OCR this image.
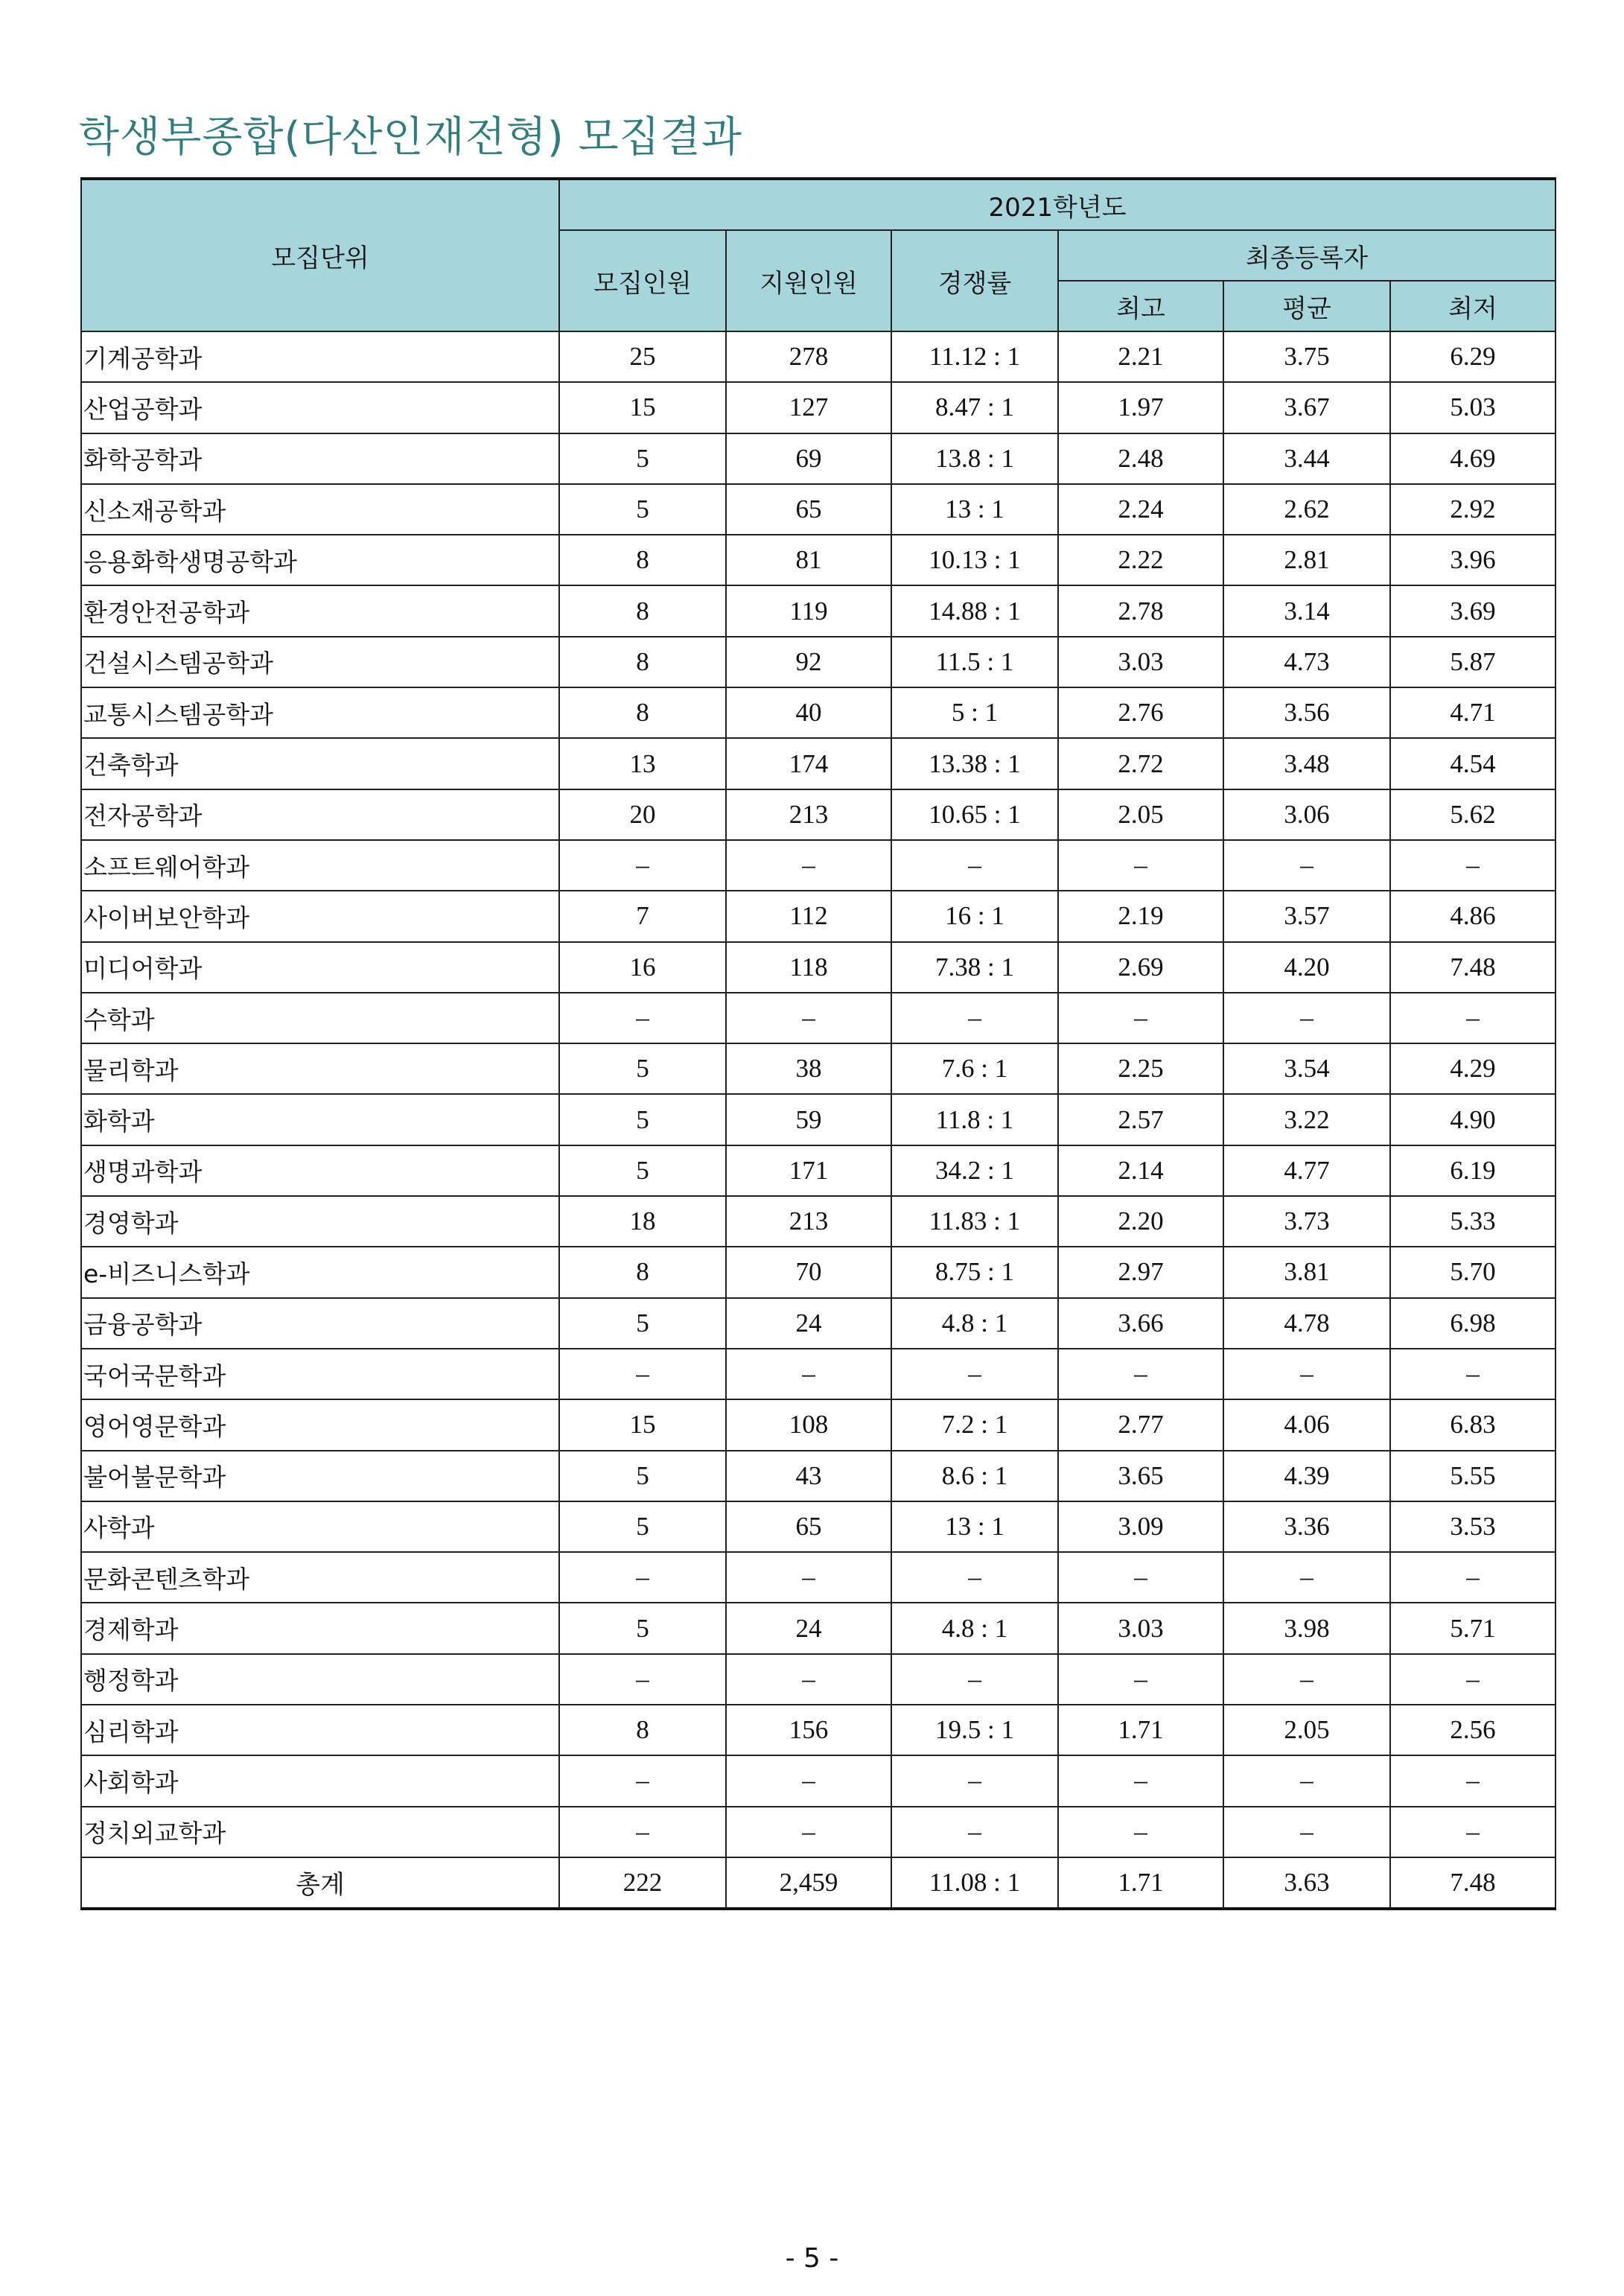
학생부종합(다산인재전형) 모집결과
모집단위	2021학년도					
	모집인원	지원인원	경쟁률	최종등록자		
				최고	평균	최저
기계공학과	25	278	11.12 : 1	2.21	3.75	6.29
산업공학과	15	127	8.47 : 1	1.97	3.67	5.03
화학공학과	5	69	13.8 : 1	2.48	3.44	4.69
신소재공학과	5	65	13 : 1	2.24	2.62	2.92
응용화학생명공학과	8	81	10.13 : 1	2.22	2.81	3.96
환경안전공학과	8	119	14.88 : 1	2.78	3.14	3.69
건설시스템공학과	8	92	11.5 : 1	3.03	4.73	5.87
교통시스템공학과	8	40	5 : 1	2.76	3.56	4.71
건축학과	13	174	13.38 : 1	2.72	3.48	4.54
전자공학과	20	213	10.65 : 1	2.05	3.06	5.62
소프트웨어학과	–	–	–	–	–	–
사이버보안학과	7	112	16 : 1	2.19	3.57	4.86
미디어학과	16	118	7.38 : 1	2.69	4.20	7.48
수학과	–	–	–	–	–	–
물리학과	5	38	7.6 : 1	2.25	3.54	4.29
화학과	5	59	11.8 : 1	2.57	3.22	4.90
생명과학과	5	171	34.2 : 1	2.14	4.77	6.19
경영학과	18	213	11.83 : 1	2.20	3.73	5.33
e-비즈니스학과	8	70	8.75 : 1	2.97	3.81	5.70
금융공학과	5	24	4.8 : 1	3.66	4.78	6.98
국어국문학과	–	–	–	–	–	–
영어영문학과	15	108	7.2 : 1	2.77	4.06	6.83
불어불문학과	5	43	8.6 : 1	3.65	4.39	5.55
사학과	5	65	13 : 1	3.09	3.36	3.53
문화콘텐츠학과	–	–	–	–	–	–
경제학과	5	24	4.8 : 1	3.03	3.98	5.71
행정학과	–	–	–	–	–	–
심리학과	8	156	19.5 : 1	1.71	2.05	2.56
사회학과	–	–	–	–	–	–
정치외교학과	–	–	–	–	–	–
총계	222	2,459	11.08 : 1	1.71	3.63	7.48
- 5 -
